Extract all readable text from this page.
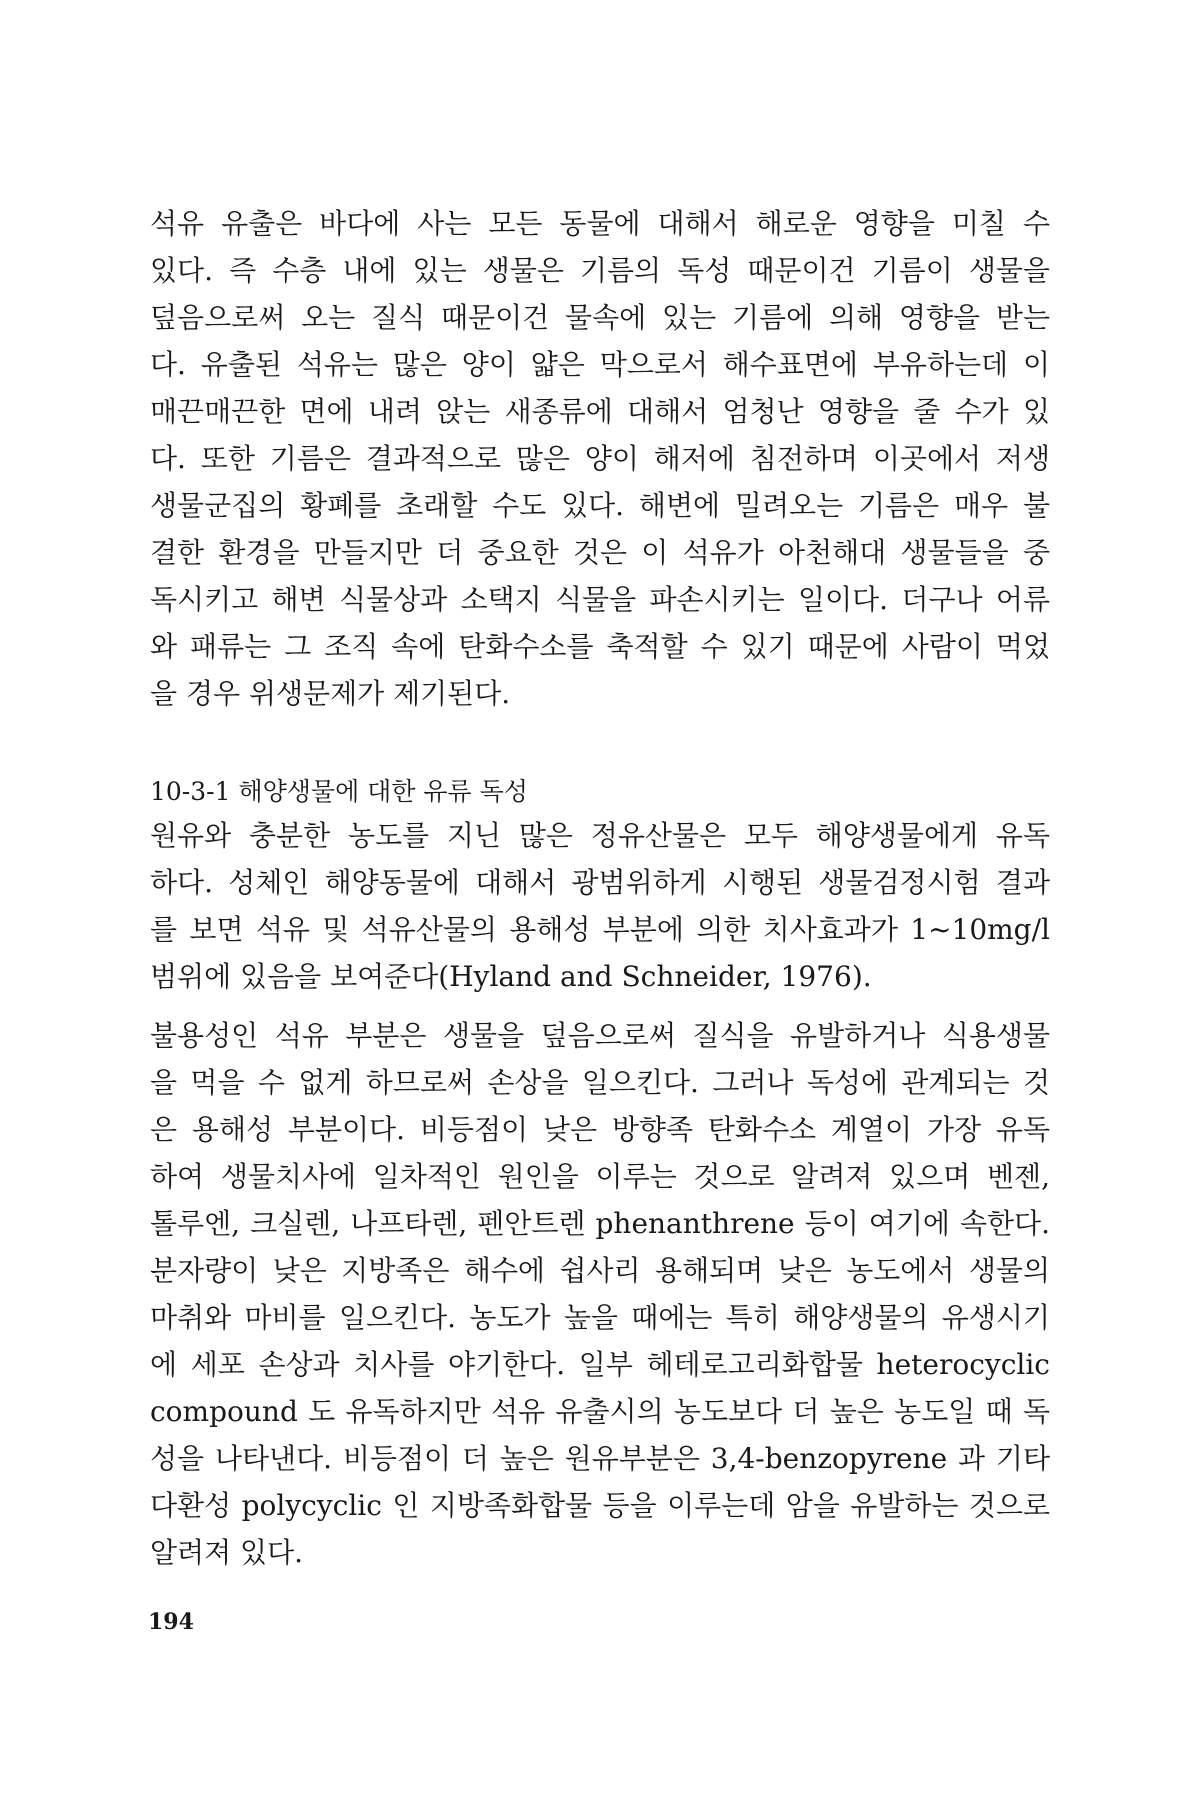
석유 유출은 바다에 사는 모든 동물에 대해서 해로운 영향을 미칠 수
있다. 즉 수층 내에 있는 생물은 기름의 독성 때문이건 기름이 생물을
덮음으로써 오는 질식 때문이건 물속에 있는 기름에 의해 영향을 받는
다. 유출된 석유는 많은 양이 얇은 막으로서 해수표면에 부유하는데 이
매끈매끈한 면에 내려 앉는 새종류에 대해서 엄청난 영향을 줄 수가 있
다. 또한 기름은 결과적으로 많은 양이 해저에 침전하며 이곳에서 저생
생물군집의 황폐를 초래할 수도 있다. 해변에 밀려오는 기름은 매우 불
결한 환경을 만들지만 더 중요한 것은 이 석유가 아천해대 생물들을 중
독시키고 해변 식물상과 소택지 식물을 파손시키는 일이다. 더구나 어류
와 패류는 그 조직 속에 탄화수소를 축적할 수 있기 때문에 사람이 먹었
을 경우 위생문제가 제기된다.
10-3-1 해양생물에 대한 유류 독성
원유와 충분한 농도를 지닌 많은 정유산물은 모두 해양생물에게 유독
하다. 성체인 해양동물에 대해서 광범위하게 시행된 생물검정시험 결과
를 보면 석유 및 석유산물의 용해성 부분에 의한 치사효과가 1~10mg/l
범위에 있음을 보여준다(Hyland and Schneider, 1976).
불용성인 석유 부분은 생물을 덮음으로써 질식을 유발하거나 식용생물
을 먹을 수 없게 하므로써 손상을 일으킨다. 그러나 독성에 관계되는 것
은 용해성 부분이다. 비등점이 낮은 방향족 탄화수소 계열이 가장 유독
하여 생물치사에 일차적인 원인을 이루는 것으로 알려져 있으며 벤젠,
톨루엔, 크실렌, 나프타렌, 펜안트렌 phenanthrene 등이 여기에 속한다.
분자량이 낮은 지방족은 해수에 쉽사리 용해되며 낮은 농도에서 생물의
마취와 마비를 일으킨다. 농도가 높을 때에는 특히 해양생물의 유생시기
에 세포 손상과 치사를 야기한다. 일부 헤테로고리화합물 heterocyclic
compound 도 유독하지만 석유 유출시의 농도보다 더 높은 농도일 때 독
성을 나타낸다. 비등점이 더 높은 원유부분은 3,4-benzopyrene 과 기타
다환성 polycyclic 인 지방족화합물 등을 이루는데 암을 유발하는 것으로
알려져 있다.
194
